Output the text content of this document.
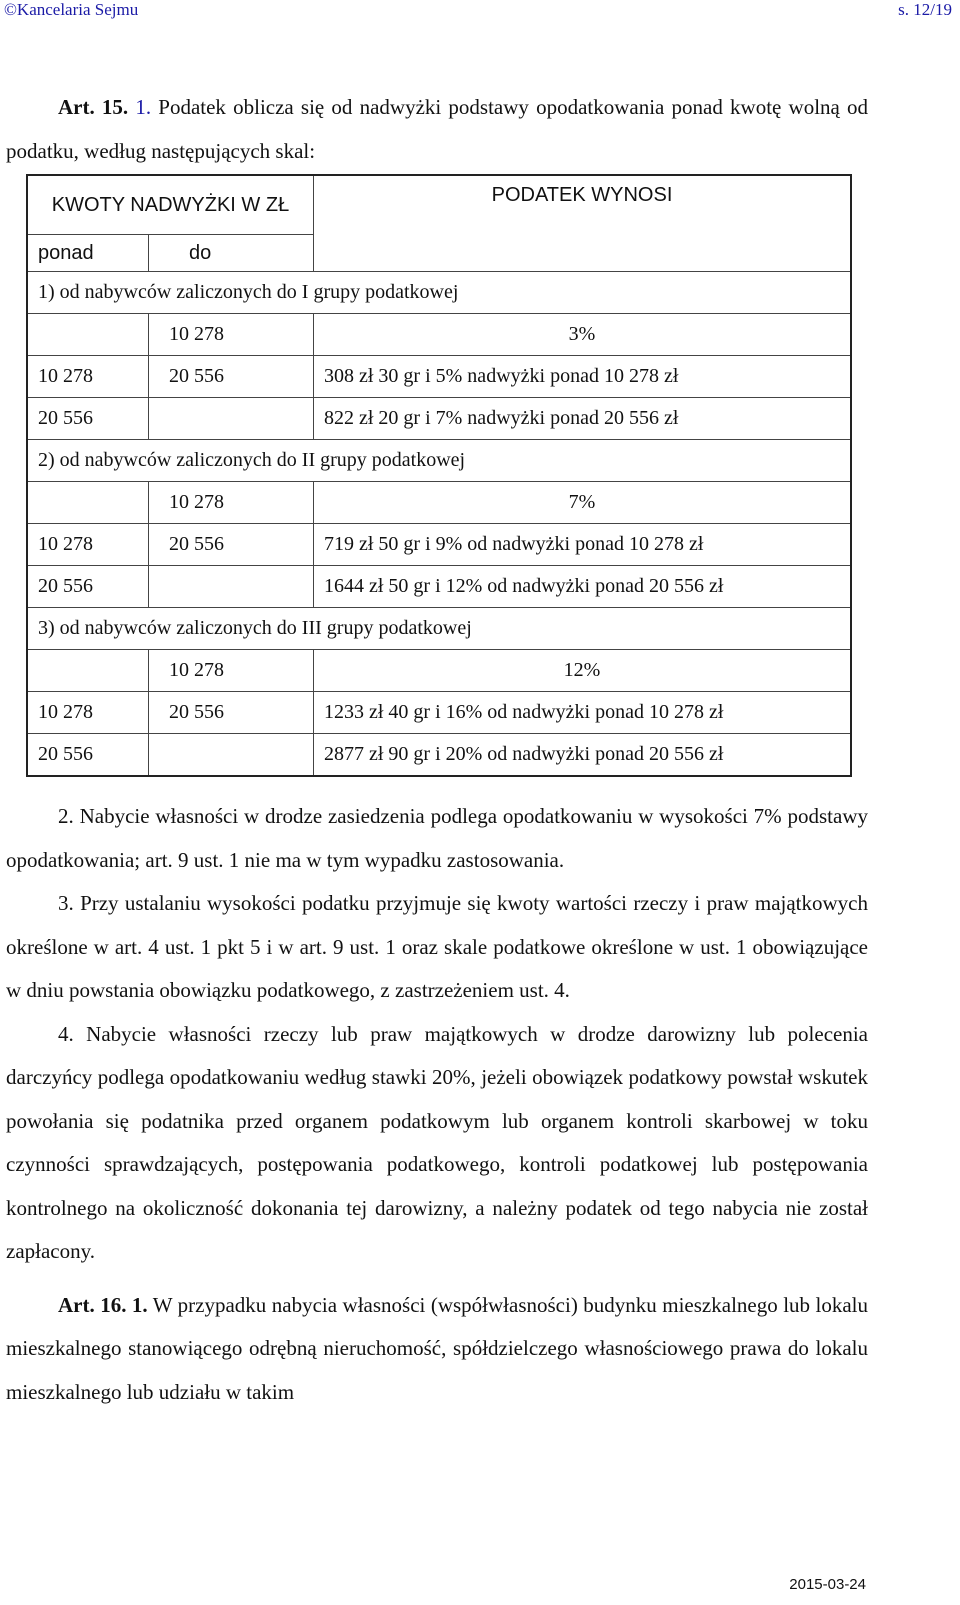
©Kancelaria Sejmu	s. 12/19

Art. 15. 1. Podatek oblicza się od nadwyżki podstawy opodatkowania ponad kwotę wolną od podatku, według następujących skal:

KWOTY NADWYŻKI W ZŁ		PODATEK WYNOSI
ponad	do	
1) od nabywców zaliczonych do I grupy podatkowej		
	10 278	3%
10 278	20 556	308 zł 30 gr i 5% nadwyżki ponad 10 278 zł
20 556		822 zł 20 gr i 7% nadwyżki ponad 20 556 zł
2) od nabywców zaliczonych do II grupy podatkowej		
	10 278	7%
10 278	20 556	719 zł 50 gr i 9% od nadwyżki ponad 10 278 zł
20 556		1644 zł 50 gr i 12% od nadwyżki ponad 20 556 zł
3) od nabywców zaliczonych do III grupy podatkowej		
	10 278	12%
10 278	20 556	1233 zł 40 gr i 16% od nadwyżki ponad 10 278 zł
20 556		2877 zł 90 gr i 20% od nadwyżki ponad 20 556 zł

2. Nabycie własności w drodze zasiedzenia podlega opodatkowaniu w wysokości 7% podstawy opodatkowania; art. 9 ust. 1 nie ma w tym wypadku zastosowania.

3. Przy ustalaniu wysokości podatku przyjmuje się kwoty wartości rzeczy i praw majątkowych określone w art. 4 ust. 1 pkt 5 i w art. 9 ust. 1 oraz skale podatkowe określone w ust. 1 obowiązujące w dniu powstania obowiązku podatkowego, z zastrzeżeniem ust. 4.

4. Nabycie własności rzeczy lub praw majątkowych w drodze darowizny lub polecenia darczyńcy podlega opodatkowaniu według stawki 20%, jeżeli obowiązek podatkowy powstał wskutek powołania się podatnika przed organem podatkowym lub organem kontroli skarbowej w toku czynności sprawdzających, postępowania podatkowego, kontroli podatkowej lub postępowania kontrolnego na okoliczność dokonania tej darowizny, a należny podatek od tego nabycia nie został zapłacony.

Art. 16. 1. W przypadku nabycia własności (współwłasności) budynku mieszkalnego lub lokalu mieszkalnego stanowiącego odrębną nieruchomość, spółdzielczego własnościowego prawa do lokalu mieszkalnego lub udziału w takim

2015-03-24
